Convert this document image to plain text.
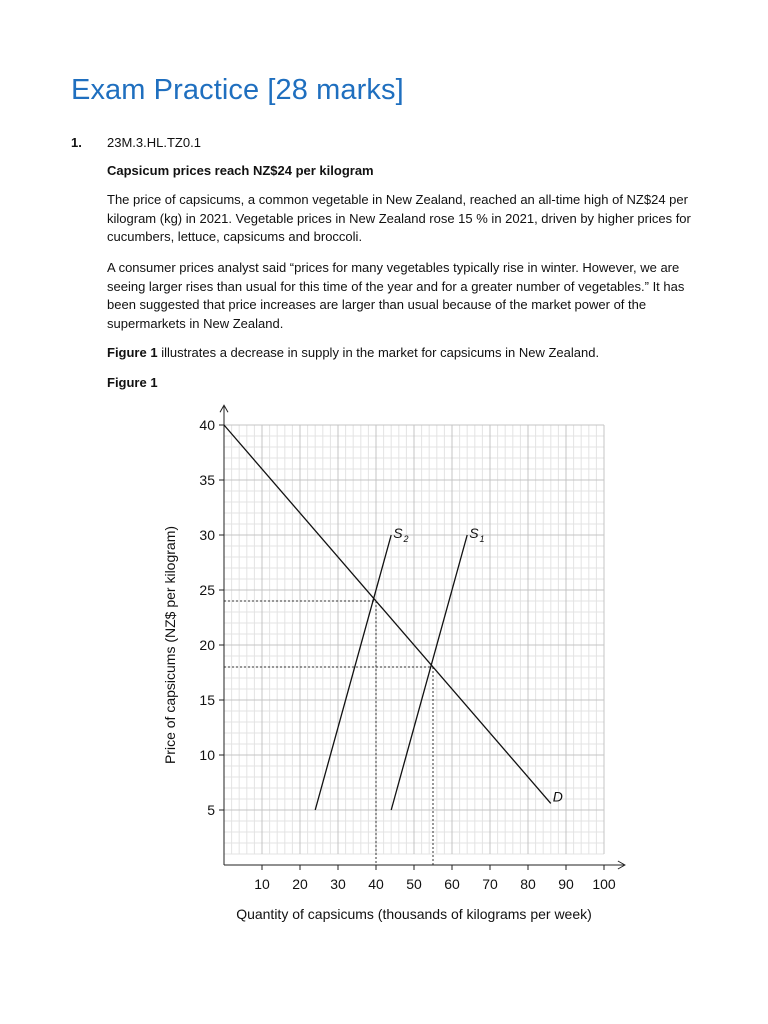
Exam Practice [28 marks]
1. 23M.3.HL.TZ0.1
Capsicum prices reach NZ$24 per kilogram
The price of capsicums, a common vegetable in New Zealand, reached an all-time high of NZ$24 per kilogram (kg) in 2021. Vegetable prices in New Zealand rose 15 % in 2021, driven by higher prices for cucumbers, lettuce, capsicums and broccoli.
A consumer prices analyst said “prices for many vegetables typically rise in winter. However, we are seeing larger rises than usual for this time of the year and for a greater number of vegetables.” It has been suggested that price increases are larger than usual because of the market power of the supermarkets in New Zealand.
Figure 1 illustrates a decrease in supply in the market for capsicums in New Zealand.
Figure 1
10 20 30 40 50 60 70 80 90 100
5
10
15
20
25
30
35
40
D
$S_1$
$S_2$
Quantity of capsicums (thousands of kilograms per week)
Price of capsicums (NZ$ per kilogram)
